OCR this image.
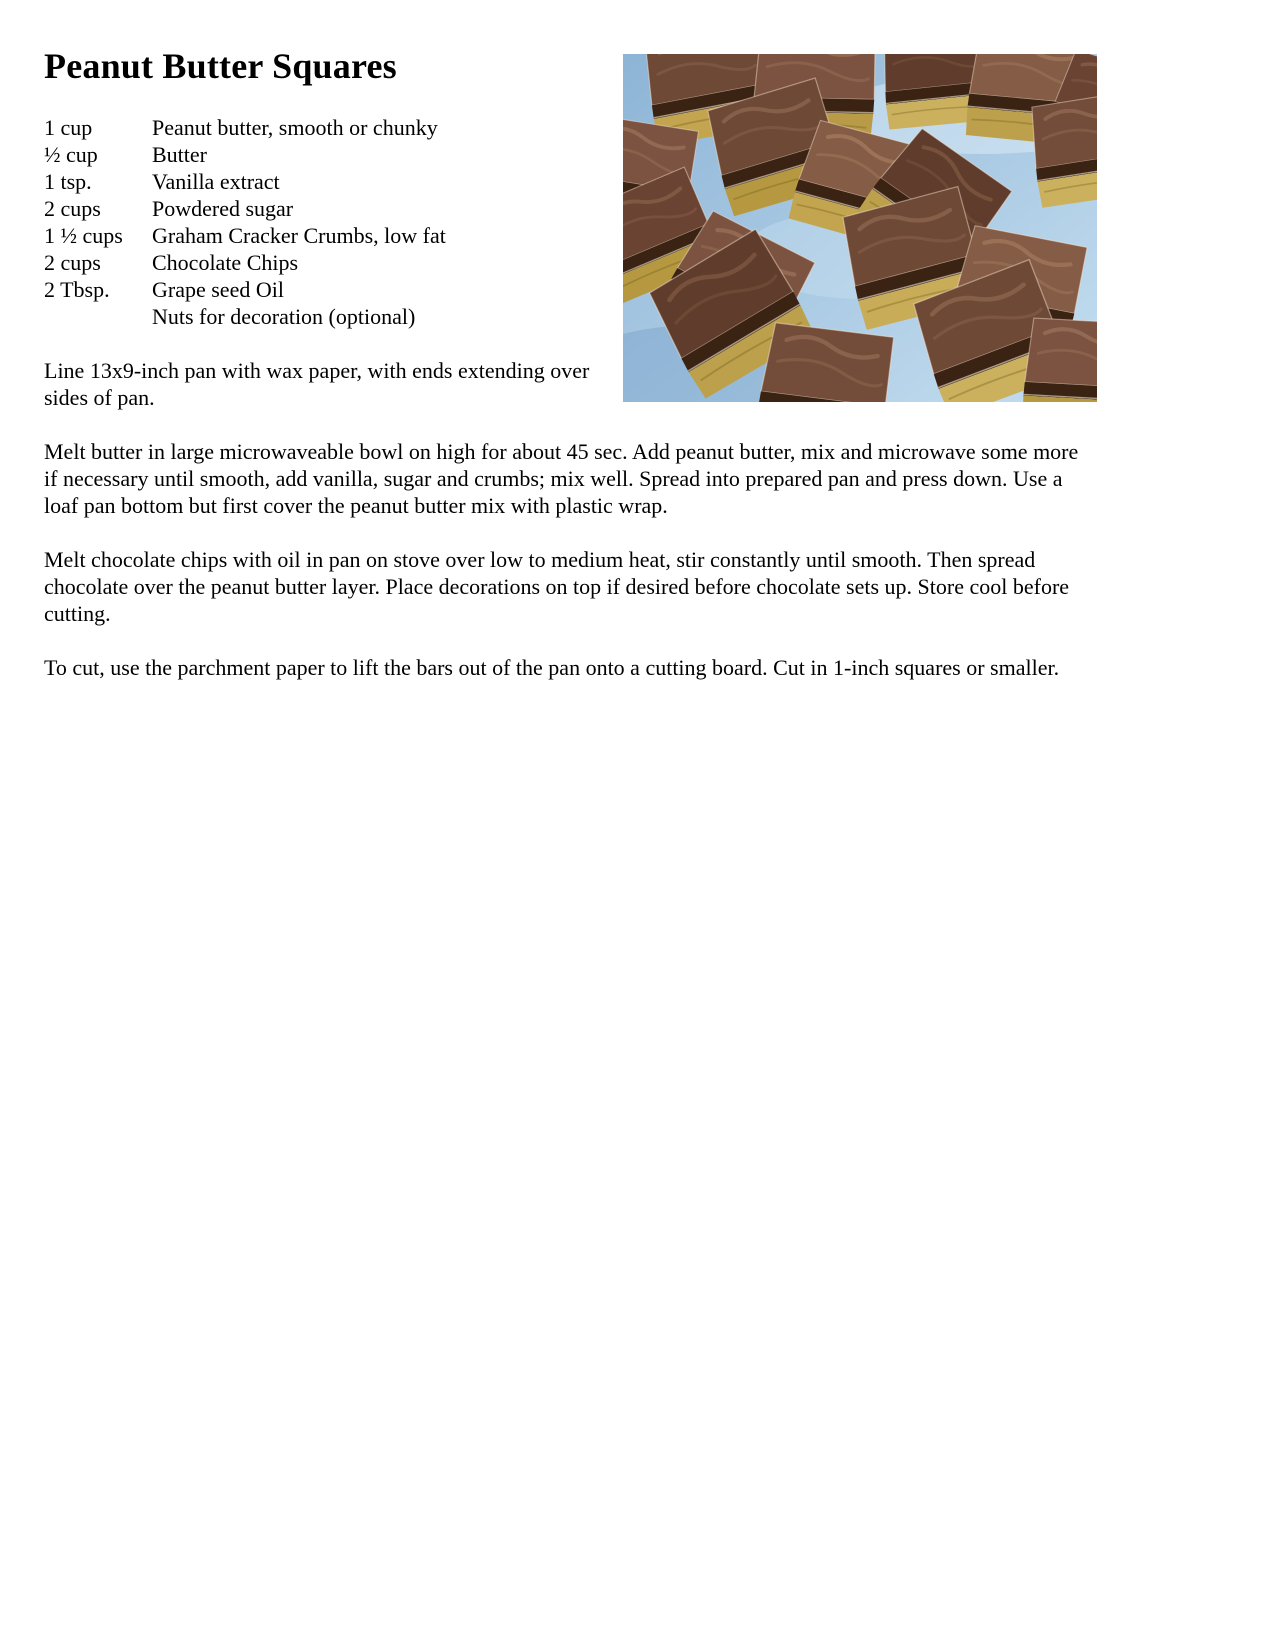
Peanut Butter Squares
1 cup	Peanut butter, smooth or chunky
½ cup Butter
1 tsp.	Vanilla extract
2 cups Powdered sugar
1 ½ cups Graham Cracker Crumbs, low fat
2 cups Chocolate Chips
2 Tbsp. Grape seed Oil
Nuts for decoration (optional)

Line 13x9-inch pan with wax paper, with ends extending over sides of pan.

Melt butter in large microwaveable bowl on high for about 45 sec. Add peanut butter, mix and microwave some more if necessary until smooth, add vanilla, sugar and crumbs; mix well. Spread into prepared pan and press down. Use a loaf pan bottom but first cover the peanut butter mix with plastic wrap.

Melt chocolate chips with oil in pan on stove over low to medium heat, stir constantly until smooth. Then spread chocolate over the peanut butter layer. Place decorations on top if desired before chocolate sets up. Store cool before cutting.

To cut, use the parchment paper to lift the bars out of the pan onto a cutting board. Cut in 1-inch squares or smaller.
